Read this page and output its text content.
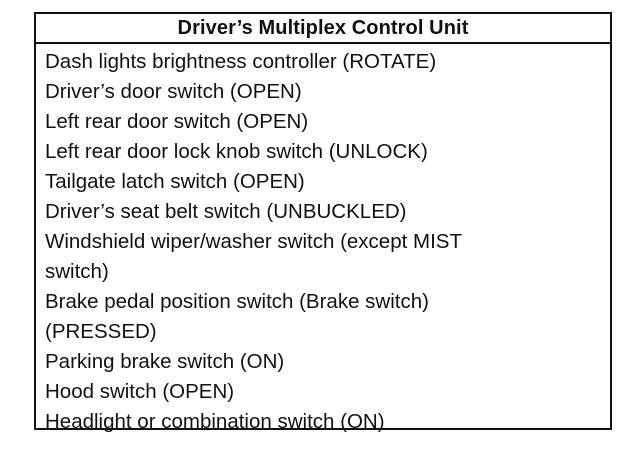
Driver’s Multiplex Control Unit
Dash lights brightness controller (ROTATE)
Driver’s door switch (OPEN)
Left rear door switch (OPEN)
Left rear door lock knob switch (UNLOCK)
Tailgate latch switch (OPEN)
Driver’s seat belt switch (UNBUCKLED)
Windshield wiper/washer switch (except MIST
switch)
Brake pedal position switch (Brake switch)
(PRESSED)
Parking brake switch (ON)
Hood switch (OPEN)
Headlight or combination switch (ON)
